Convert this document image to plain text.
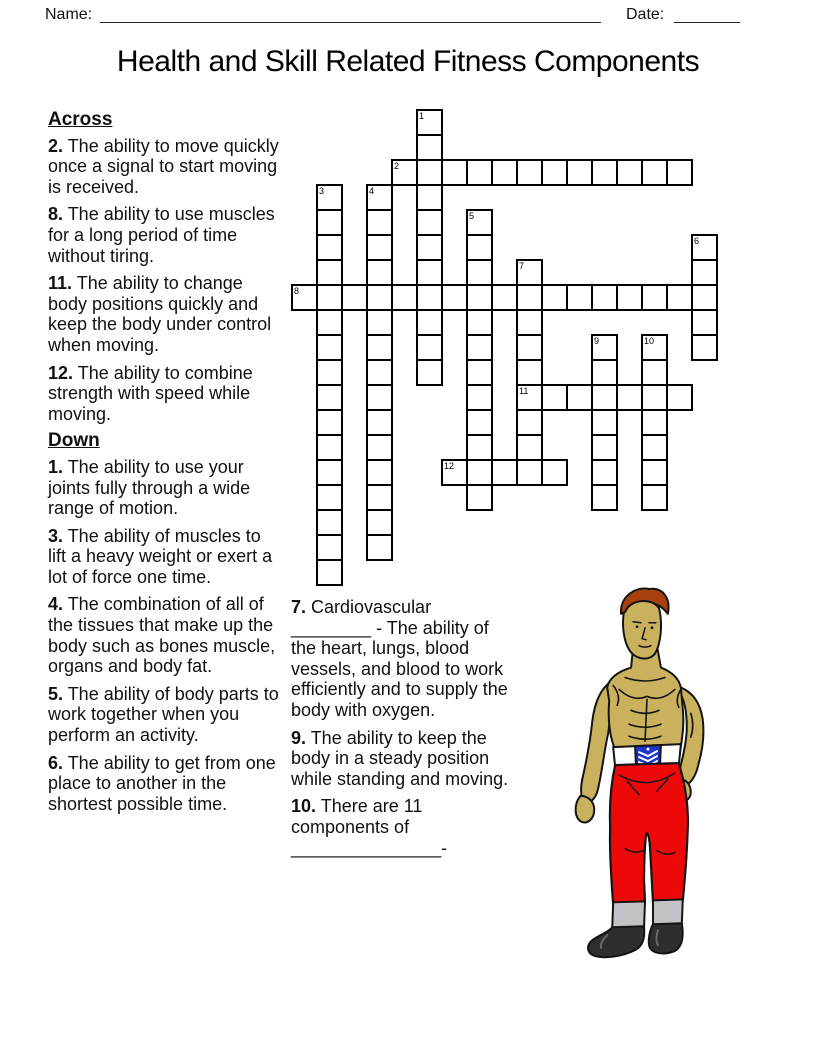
Name:	Date:
Health and Skill Related Fitness Components
Across

2. The ability to move quickly once a signal to start moving is received.

8. The ability to use muscles for a long period of time without tiring.

11. The ability to change body positions quickly and keep the body under control when moving.

12. The ability to combine strength with speed while moving.

Down

1. The ability to use your joints fully through a wide range of motion.

3. The ability of muscles to lift a heavy weight or exert a lot of force one time.

4. The combination of all of the tissues that make up the body such as bones muscle, organs and body fat.

5. The ability of body parts to work together when you perform an activity.

6. The ability to get from one place to another in the shortest possible time.

7. Cardiovascular ________ - The ability of the heart, lungs, blood vessels, and blood to work efficiently and to supply the body with oxygen.

9. The ability to keep the body in a steady position while standing and moving.

10. There are 11 components of _______________-

1
2
3	4
5
6
7
8
9	10
11
12
